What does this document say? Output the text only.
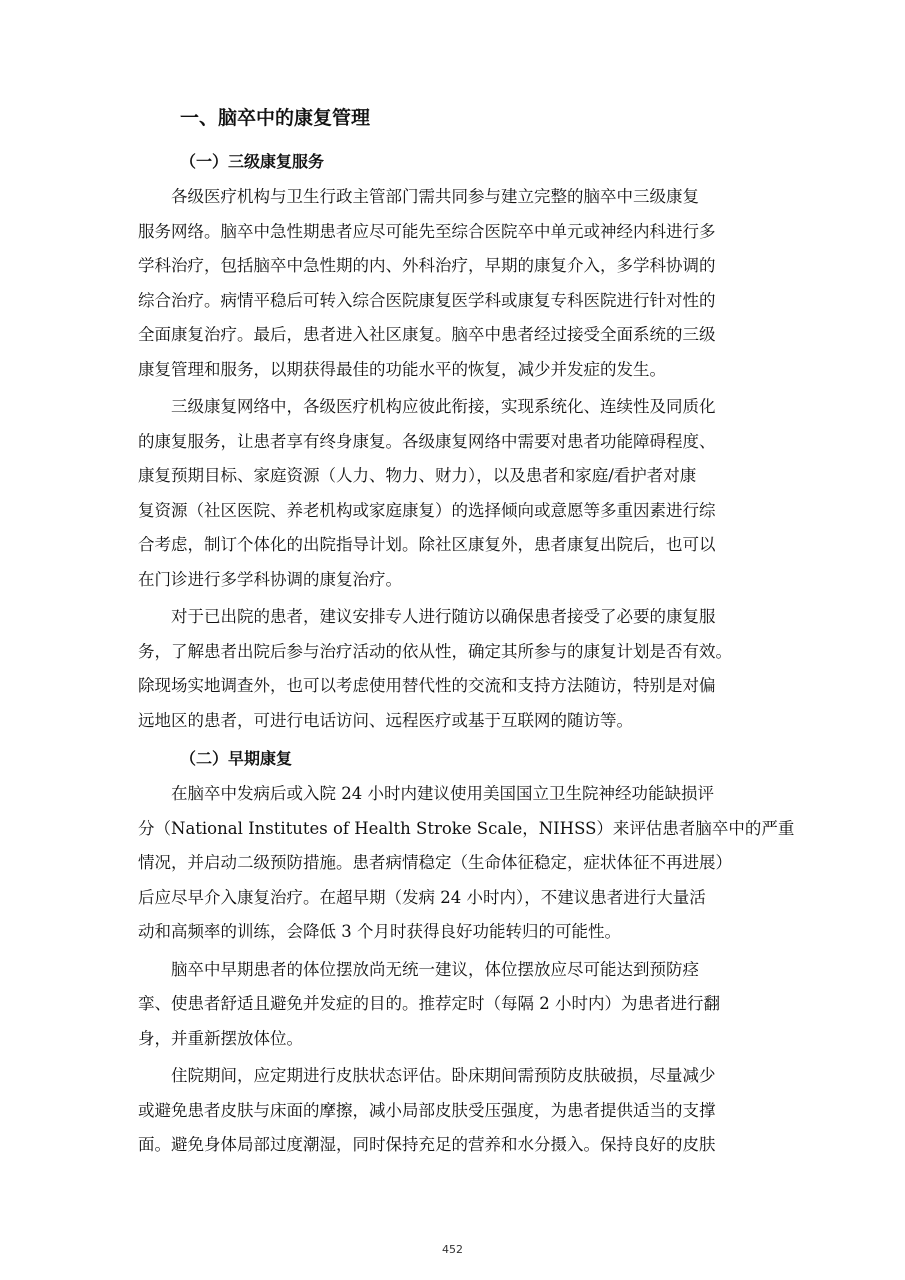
一、脑卒中的康复管理
（一）三级康复服务
各级医疗机构与卫生行政主管部门需共同参与建立完整的脑卒中三级康复
服务网络。脑卒中急性期患者应尽可能先至综合医院卒中单元或神经内科进行多
学科治疗，包括脑卒中急性期的内、外科治疗，早期的康复介入，多学科协调的
综合治疗。病情平稳后可转入综合医院康复医学科或康复专科医院进行针对性的
全面康复治疗。最后，患者进入社区康复。脑卒中患者经过接受全面系统的三级
康复管理和服务，以期获得最佳的功能水平的恢复，减少并发症的发生。
三级康复网络中，各级医疗机构应彼此衔接，实现系统化、连续性及同质化
的康复服务，让患者享有终身康复。各级康复网络中需要对患者功能障碍程度、
康复预期目标、家庭资源（人力、物力、财力），以及患者和家庭/看护者对康
复资源（社区医院、养老机构或家庭康复）的选择倾向或意愿等多重因素进行综
合考虑，制订个体化的出院指导计划。除社区康复外，患者康复出院后，也可以
在门诊进行多学科协调的康复治疗。
对于已出院的患者，建议安排专人进行随访以确保患者接受了必要的康复服
务，了解患者出院后参与治疗活动的依从性，确定其所参与的康复计划是否有效。
除现场实地调查外，也可以考虑使用替代性的交流和支持方法随访，特别是对偏
远地区的患者，可进行电话访问、远程医疗或基于互联网的随访等。
（二）早期康复
在脑卒中发病后或入院 24 小时内建议使用美国国立卫生院神经功能缺损评
分（National Institutes of Health Stroke Scale，NIHSS）来评估患者脑卒中的严重
情况，并启动二级预防措施。患者病情稳定（生命体征稳定，症状体征不再进展）
后应尽早介入康复治疗。在超早期（发病 24 小时内），不建议患者进行大量活
动和高频率的训练，会降低 3 个月时获得良好功能转归的可能性。
脑卒中早期患者的体位摆放尚无统一建议，体位摆放应尽可能达到预防痉
挛、使患者舒适且避免并发症的目的。推荐定时（每隔 2 小时内）为患者进行翻
身，并重新摆放体位。
住院期间，应定期进行皮肤状态评估。卧床期间需预防皮肤破损，尽量减少
或避免患者皮肤与床面的摩擦，减小局部皮肤受压强度，为患者提供适当的支撑
面。避免身体局部过度潮湿，同时保持充足的营养和水分摄入。保持良好的皮肤
452
